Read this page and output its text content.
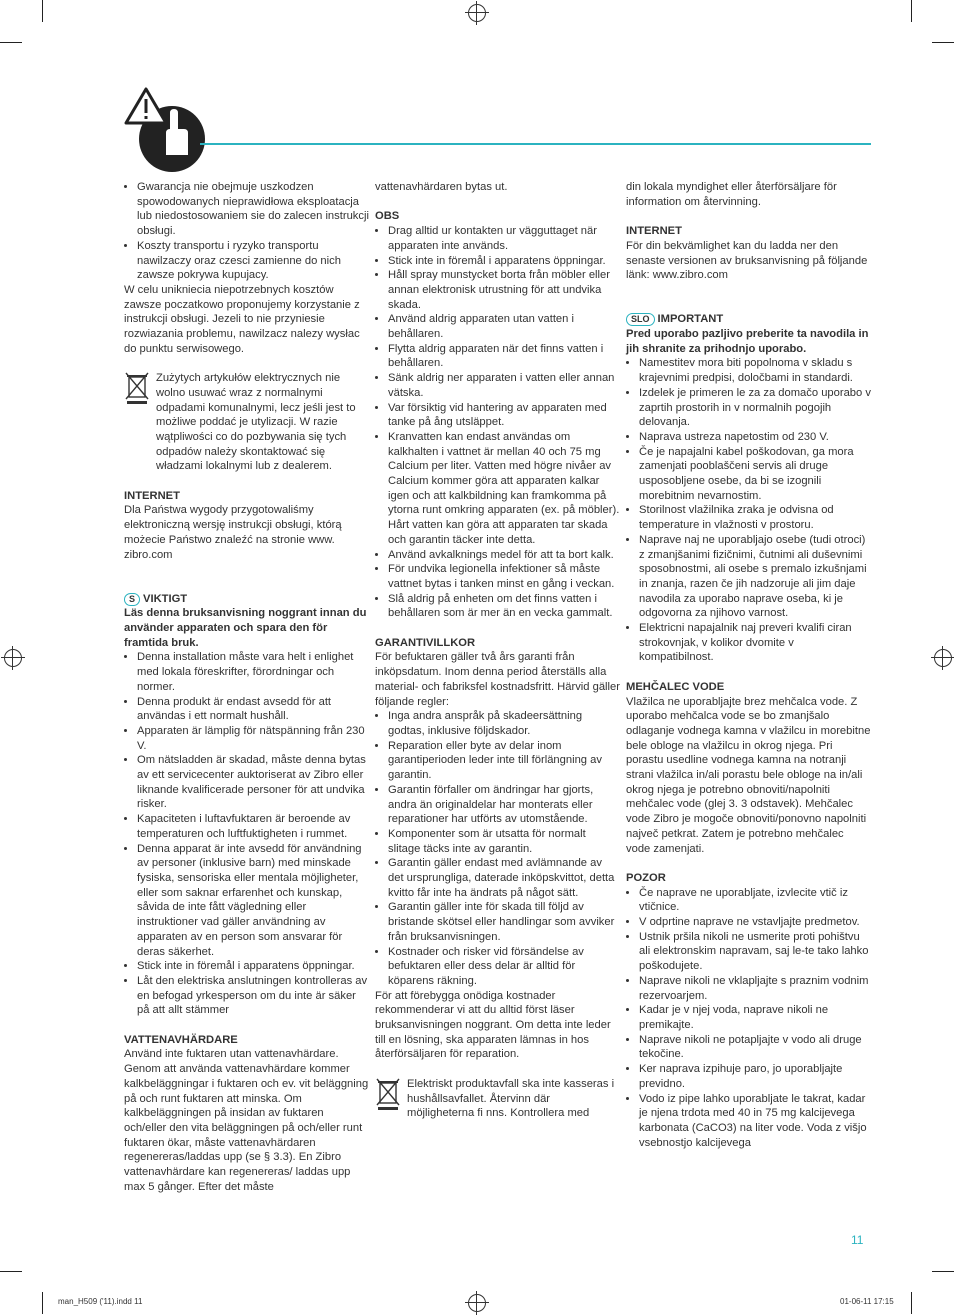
• Gwarancja nie obejmuje uszkodzen spowodowanych nieprawidłowa eksploatacja lub niedostosowaniem sie do zalecen instrukcji obsługi.
• Koszty transportu i ryzyko transportu nawilzaczy oraz czesci zamienne do nich zawsze pokrywa kupujacy.

W celu unikniecia niepotrzebnych kosztów zawsze poczatkowo proponujemy korzystanie z instrukcji obsługi. Jezeli to nie przyniesie rozwiazania problemu, nawilzacz nalezy wysłac do punktu serwisowego.

Zużytych artykułów elektrycznych nie wolno usuwać wraz z normalnymi odpadami komunalnymi, lecz jeśli jest to możliwe poddać je utylizacji. W razie wątpliwości co do pozbywania się tych odpadów należy skontaktować się władzami lokalnymi lub z dealerem.

INTERNET

Dla Państwa wygody przygotowaliśmy elektroniczną wersję instrukcji obsługi, którą możecie Państwo znaleźć na stronie www. zibro.com

S VIKTIGT

Läs denna bruksanvisning noggrant innan du använder apparaten och spara den för framtida bruk.

• Denna installation måste vara helt i enlighet med lokala föreskrifter, förordningar och normer.
• Denna produkt är endast avsedd för att användas i ett normalt hushåll.
• Apparaten är lämplig för nätspänning från 230 V.
• Om nätsladden är skadad, måste denna bytas av ett servicecenter auktoriserat av Zibro eller liknande kvalificerade personer för att undvika risker.
• Kapaciteten i luftavfuktaren är beroende av temperaturen och luftfuktigheten i rummet.
• Denna apparat är inte avsedd för användning av personer (inklusive barn) med minskade fysiska, sensoriska eller mentala möjligheter, eller som saknar erfarenhet och kunskap, såvida de inte fått vägledning eller instruktioner vad gäller användning av apparaten av en person som ansvarar för deras säkerhet.
• Stick inte in föremål i apparatens öppningar.
• Låt den elektriska anslutningen kontrolleras av en befogad yrkesperson om du inte är säker på att allt stämmer
VATTENAVHÄRDARE

Använd inte fuktaren utan vattenavhärdare. Genom att använda vattenavhärdare kommer kalkbeläggningar i fuktaren och ev. vit beläggning på och runt fuktaren att minska. Om kalkbeläggningen på insidan av fuktaren och/eller den vita beläggningen på och/eller runt fuktaren ökar, måste vattenavhärdaren regenereras/laddas upp (se § 3.3). En Zibro vattenavhärdare kan regenereras/ laddas upp max 5 gånger. Efter det måste

vattenavhärdaren bytas ut.

OBS
• Drag alltid ur kontakten ur vägguttaget när apparaten inte används.
• Stick inte in föremål i apparatens öppningar.
• Håll spray munstycket borta från möbler eller annan elektronisk utrustning för att undvika skada.
• Använd aldrig apparaten utan vatten i behållaren.
• Flytta aldrig apparaten när det finns vatten i behållaren.
• Sänk aldrig ner apparaten i vatten eller annan vätska.
• Var försiktig vid hantering av apparaten med tanke på ång utsläppet.
• Kranvatten kan endast användas om kalkhalten i vattnet är mellan 40 och 75 mg Calcium per liter. Vatten med högre nivåer av Calcium kommer göra att apparaten kalkar igen och att kalkbildning kan framkomma på ytorna runt omkring apparaten (ex. på möbler). Hårt vatten kan göra att apparaten tar skada och garantin täcker inte detta.
• Använd avkalknings medel för att ta bort kalk.
• För undvika legionella infektioner så måste vattnet bytas i tanken minst en gång i veckan.
• Slå aldrig på enheten om det finns vatten i behållaren som är mer än en vecka gammalt.
GARANTIVILLKOR

För befuktaren gäller två års garanti från inköpsdatum. Inom denna period återställs alla material- och fabriksfel kostnadsfritt. Härvid gäller följande regler:

• Inga andra anspråk på skadeersättning godtas, inklusive följdskador.
• Reparation eller byte av delar inom garantiperioden leder inte till förlängning av garantin.
• Garantin förfaller om ändringar har gjorts, andra än originaldelar har monterats eller reparationer har utförts av utomstående.
• Komponenter som är utsatta för normalt slitage täcks inte av garantin.
• Garantin gäller endast med avlämnande av det ursprungliga, daterade inköpskvittot, detta kvitto får inte ha ändrats på något sätt.
• Garantin gäller inte för skada till följd av bristande skötsel eller handlingar som avviker från bruksanvisningen.
• Kostnader och risker vid försändelse av befuktaren eller dess delar är alltid för köparens räkning.

För att förebygga onödiga kostnader rekommenderar vi att du alltid först läser bruksanvisningen noggrant. Om detta inte leder till en lösning, ska apparaten lämnas in hos återförsäljaren för reparation.

Elektriskt produktavfall ska inte kasseras i hushållsavfallet. Återvinn där möjligheterna fi nns. Kontrollera med

din lokala myndighet eller återförsäljare för information om återvinning.

INTERNET

För din bekvämlighet kan du ladda ner den senaste versionen av bruksanvisning på följande länk: www.zibro.com

SLO IMPORTANT

Pred uporabo pazljivo preberite ta navodila in jih shranite za prihodnjo uporabo.

• Namestitev mora biti popolnoma v skladu s krajevnimi predpisi, določbami in standardi.
• Izdelek je primeren le za za domačo uporabo v zaprtih prostorih in v normalnih pogojih delovanja.
• Naprava ustreza napetostim od 230 V.
• Če je napajalni kabel poškodovan, ga mora zamenjati pooblaščeni servis ali druge usposobljene osebe, da bi se izognili morebitnim nevarnostim.
• Storilnost vlažilnika zraka je odvisna od temperature in vlažnosti v prostoru.
• Naprave naj ne uporabljajo osebe (tudi otroci) z zmanjšanimi fizičnimi, čutnimi ali duševnimi sposobnostmi, ali osebe s premalo izkušnjami in znanja, razen če jih nadzoruje ali jim daje navodila za uporabo naprave oseba, ki je odgovorna za njihovo varnost.
• Elektricni napajalnik naj preveri kvalifi ciran strokovnjak, v kolikor dvomite v kompatibilnost.
MEHČALEC VODE

Vlažilca ne uporabljajte brez mehčalca vode. Z uporabo mehčalca vode se bo zmanjšalo odlaganje vodnega kamna v vlažilcu in morebitne bele obloge na vlažilcu in okrog njega. Pri porastu usedline vodnega kamna na notranji strani vlažilca in/ali porastu bele obloge na in/ali okrog njega je potrebno obnoviti/napolniti mehčalec vode (glej 3. 3 odstavek). Mehčalec vode Zibro je mogoče obnoviti/ponovno napolniti največ petkrat. Zatem je potrebno mehčalec vode zamenjati.

POZOR
• Če naprave ne uporabljate, izvlecite vtič iz vtičnice.
• V odprtine naprave ne vstavljajte predmetov.
• Ustnik pršila nikoli ne usmerite proti pohištvu ali elektronskim napravam, saj le-te tako lahko poškodujete.
• Naprave nikoli ne vklapljajte s praznim vodnim rezervoarjem.
• Kadar je v njej voda, naprave nikoli ne premikajte.
• Naprave nikoli ne potapljajte v vodo ali druge tekočine.
• Ker naprava izpihuje paro, jo uporabljajte previdno.
• Vodo iz pipe lahko uporabljate le takrat, kadar je njena trdota med 40 in 75 mg kalcijevega karbonata (CaCO3) na liter vode. Voda z višjo vsebnostjo kalcijevega
11
man_H509 ('11).indd 11	01-06-11 17:15
